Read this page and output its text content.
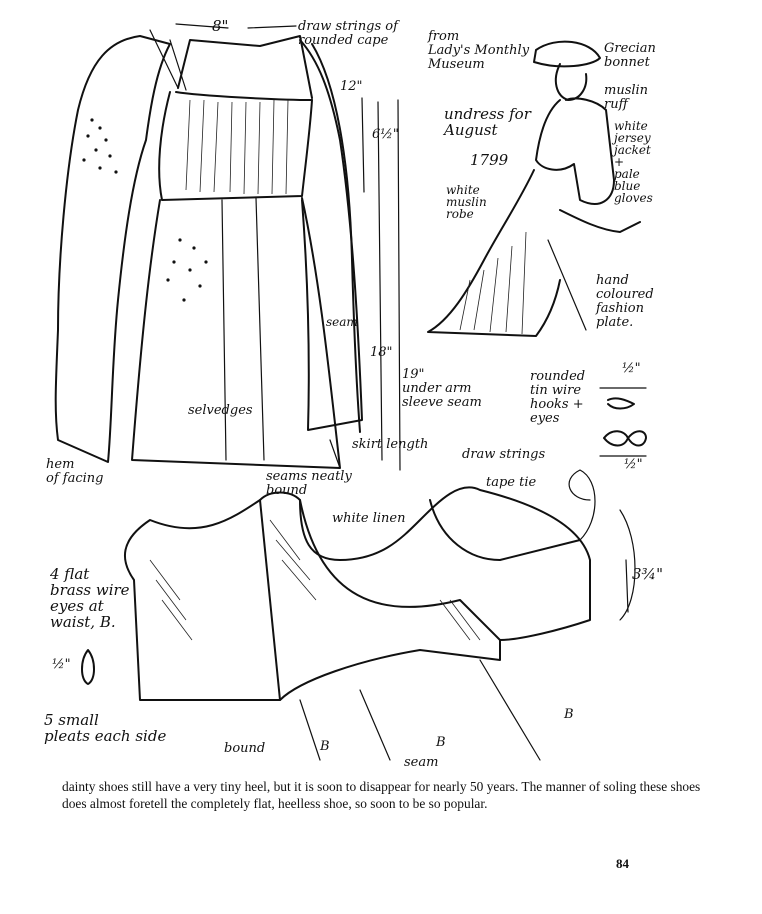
8"	draw strings of
rounded cape	from
Lady's Monthly
Museum
Grecian
bonnet
muslin
ruff
undress for
August
1799
white
jersey
jacket
+
pale
blue
gloves
white
muslin
robe
hand
coloured
fashion
plate.
12"
6½"
seam
18"
19"
under arm
sleeve seam
selvedges
skirt length
rounded
tin wire
hooks +
eyes
½"
½"
hem
of facing	seams neatly
bound
draw strings
tape tie
white linen
4 flat
brass wire
eyes at
waist, B.
½"
3¾"
5 small
pleats each side
bound	B	B
B
seam

dainty shoes still have a very tiny heel, but it is soon to disappear for nearly 50 years. The manner of soling these shoes does almost foretell the completely flat, heelless shoe, so soon to be so popular.

84
